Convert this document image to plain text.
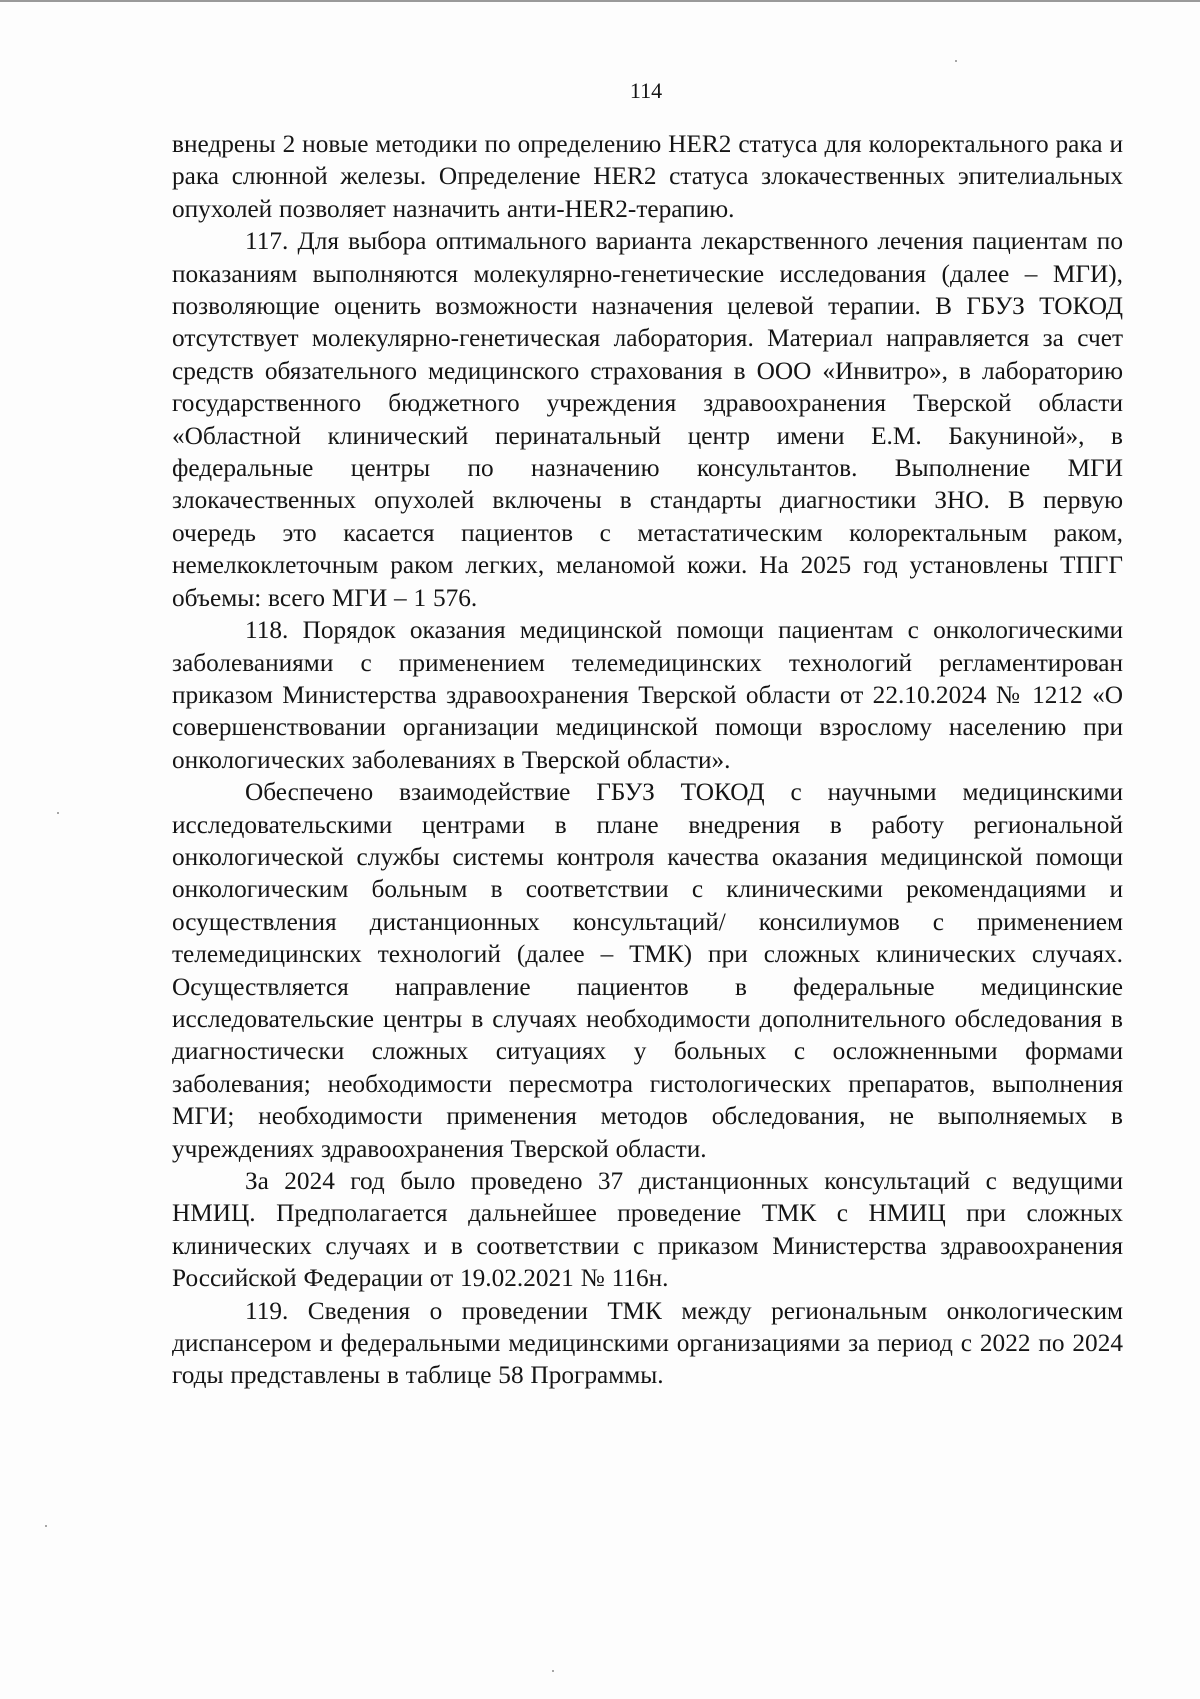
114

внедрены 2 новые методики по определению HER2 статуса для колоректального рака и рака слюнной железы. Определение HER2 статуса злокачественных эпителиальных опухолей позволяет назначить анти-HER2-терапию.

117. Для выбора оптимального варианта лекарственного лечения пациентам по показаниям выполняются молекулярно-генетические исследования (далее – МГИ), позволяющие оценить возможности назначения целевой терапии. В ГБУЗ ТОКОД отсутствует молекулярно-генетическая лаборатория. Материал направляется за счет средств обязательного медицинского страхования в ООО «Инвитро», в лабораторию государственного бюджетного учреждения здравоохранения Тверской области «Областной клинический перинатальный центр имени Е.М. Бакуниной», в федеральные центры по назначению консультантов. Выполнение МГИ злокачественных опухолей включены в стандарты диагностики ЗНО. В первую очередь это касается пациентов с метастатическим колоректальным раком, немелкоклеточным раком легких, меланомой кожи. На 2025 год установлены ТПГГ объемы: всего МГИ – 1 576.

118. Порядок оказания медицинской помощи пациентам с онкологическими заболеваниями с применением телемедицинских технологий регламентирован приказом Министерства здравоохранения Тверской области от 22.10.2024 № 1212 «О совершенствовании организации медицинской помощи взрослому населению при онкологических заболеваниях в Тверской области».

Обеспечено взаимодействие ГБУЗ ТОКОД с научными медицинскими исследовательскими центрами в плане внедрения в работу региональной онкологической службы системы контроля качества оказания медицинской помощи онкологическим больным в соответствии с клиническими рекомендациями и осуществления дистанционных консультаций/ консилиумов с применением телемедицинских технологий (далее – ТМК) при сложных клинических случаях. Осуществляется направление пациентов в федеральные медицинские исследовательские центры в случаях необходимости дополнительного обследования в диагностически сложных ситуациях у больных с осложненными формами заболевания; необходимости пересмотра гистологических препаратов, выполнения МГИ; необходимости применения методов обследования, не выполняемых в учреждениях здравоохранения Тверской области.

За 2024 год было проведено 37 дистанционных консультаций с ведущими НМИЦ. Предполагается дальнейшее проведение ТМК с НМИЦ при сложных клинических случаях и в соответствии с приказом Министерства здравоохранения Российской Федерации от 19.02.2021 № 116н.

119. Сведения о проведении ТМК между региональным онкологическим диспансером и федеральными медицинскими организациями за период с 2022 по 2024 годы представлены в таблице 58 Программы.
